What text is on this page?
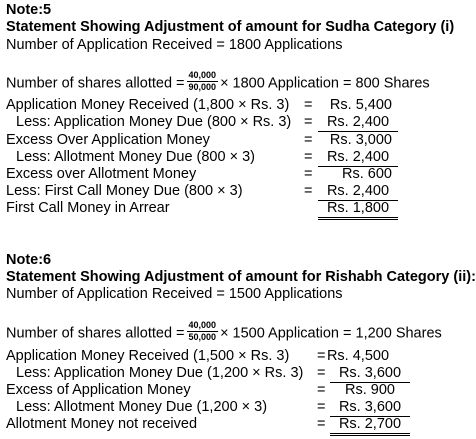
Note:5
Statement Showing Adjustment of amount for Sudha Category (i)
Number of Application Received = 1800 Applications
Number of shares allotted = $\frac{40,000}{90,000} \times 1800$ Application = 800 Shares
Application Money Received (1,800 × Rs. 3) =	Rs. 5,400
Less: Application Money Due (800 × Rs. 3) = Rs. 2,400
Excess Over Application Money	=	Rs. 3,000
Less: Allotment Money Due (800 × 3)	= Rs. 2,400
Excess over Allotment Money	=	Rs. 600
Less: First Call Money Due (800 × 3)	= Rs. 2,400
First Call Money in Arrear	Rs. 1,800
Note:6
Statement Showing Adjustment of amount for Rishabh Category (ii):
Number of Application Received = 1500 Applications
Number of shares allotted = $\frac{40,000}{50,000} \times 1500$ Application = 1,200 Shares
Application Money Received (1,500 × Rs. 3) = Rs. 4,500
Less: Application Money Due (1,200 × Rs. 3) = Rs. 3,600
Excess of Application Money	=	Rs. 900
Less: Allotment Money Due (1,200 × 3)	= Rs. 3,600
Allotment Money not received	= Rs. 2,700
